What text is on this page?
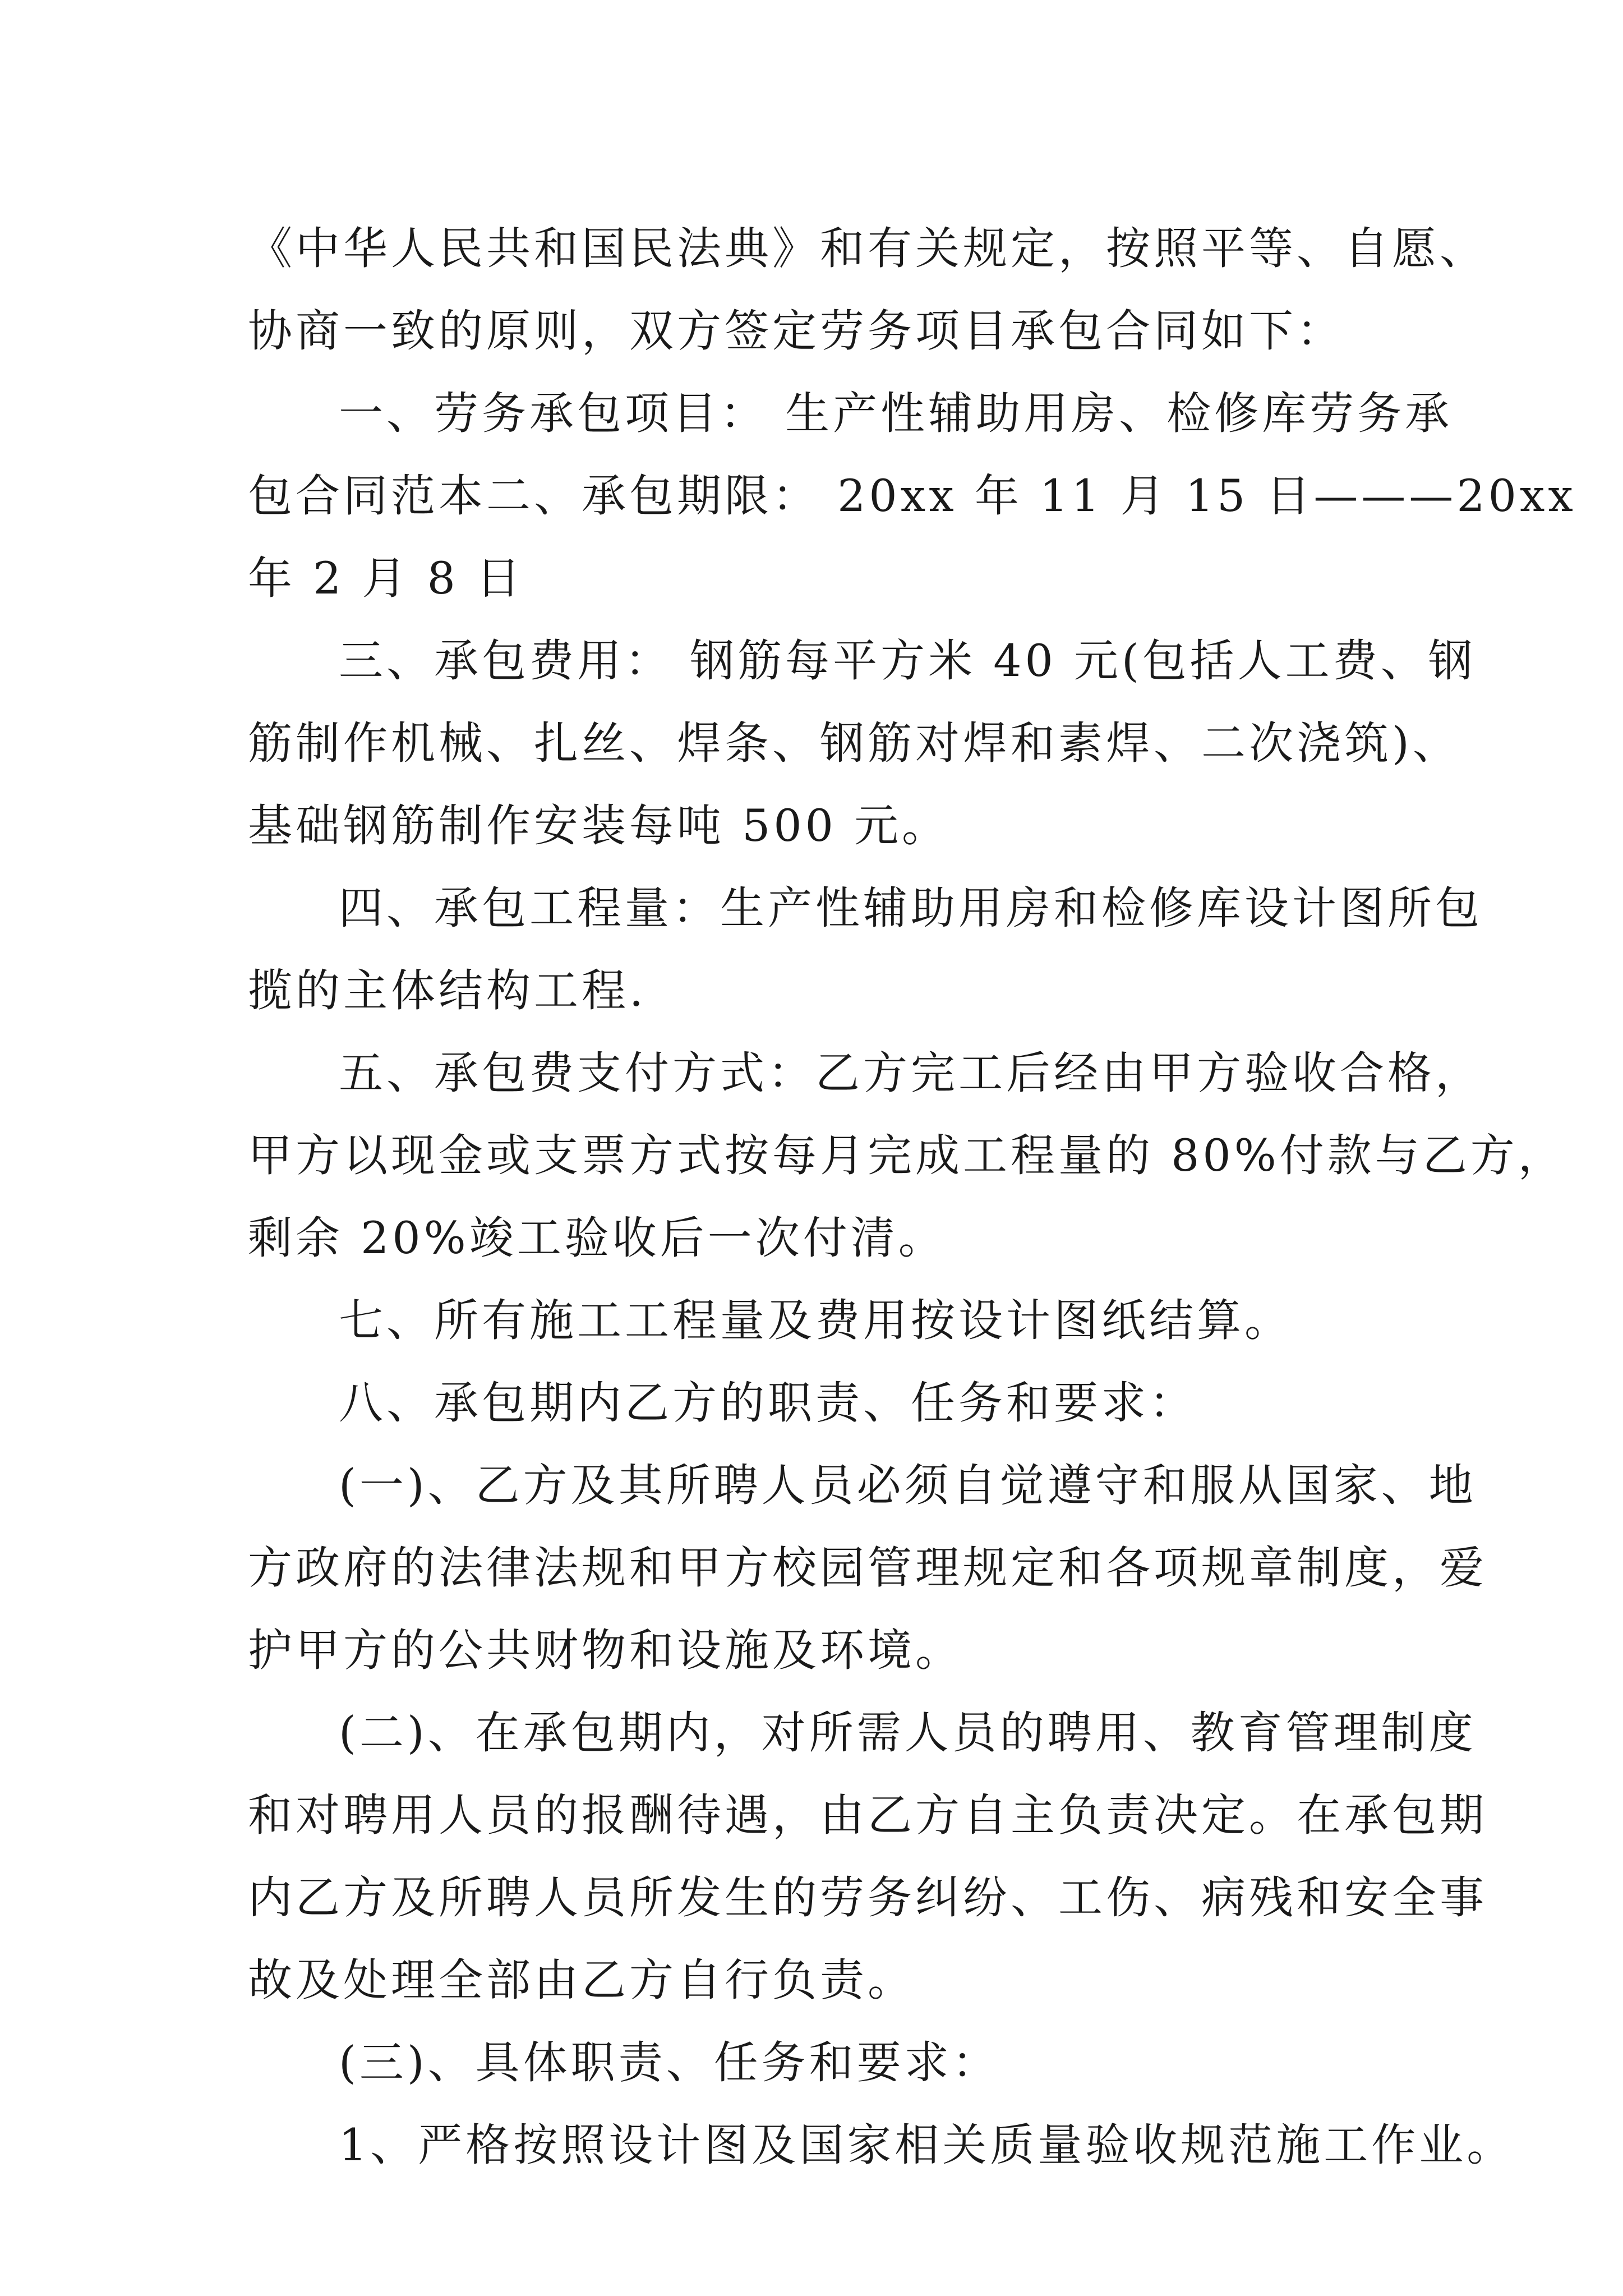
《中华人民共和国民法典》和有关规定，按照平等、自愿、
协商一致的原则，双方签定劳务项目承包合同如下：
一、劳务承包项目： 生产性辅助用房、检修库劳务承
包合同范本二、承包期限： 20xx 年 11 月 15 日———20xx
年 2 月 8 日
三、承包费用： 钢筋每平方米 40 元(包括人工费、钢
筋制作机械、扎丝、焊条、钢筋对焊和素焊、二次浇筑)、
基础钢筋制作安装每吨 500 元。
四、承包工程量：生产性辅助用房和检修库设计图所包
揽的主体结构工程.
五、承包费支付方式：乙方完工后经由甲方验收合格，
甲方以现金或支票方式按每月完成工程量的 80%付款与乙方，
剩余 20%竣工验收后一次付清。
七、所有施工工程量及费用按设计图纸结算。
八、承包期内乙方的职责、任务和要求：
(一)、乙方及其所聘人员必须自觉遵守和服从国家、地
方政府的法律法规和甲方校园管理规定和各项规章制度，爱
护甲方的公共财物和设施及环境。
(二)、在承包期内，对所需人员的聘用、教育管理制度
和对聘用人员的报酬待遇，由乙方自主负责决定。在承包期
内乙方及所聘人员所发生的劳务纠纷、工伤、病残和安全事
故及处理全部由乙方自行负责。
(三)、具体职责、任务和要求：
1、严格按照设计图及国家相关质量验收规范施工作业。
